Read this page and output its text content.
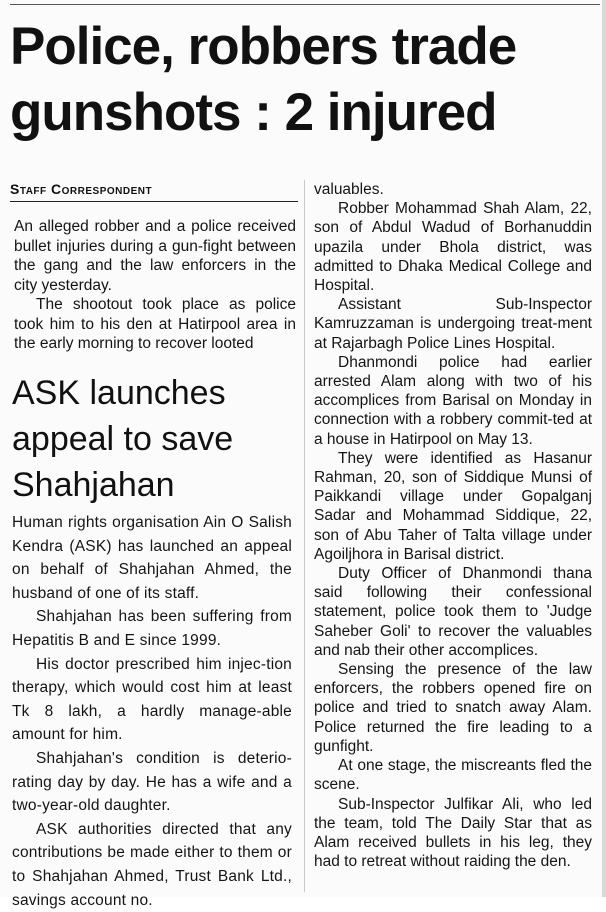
Police, robbers trade
gunshots : 2 injured
Staff Correspondent

An alleged robber and a police received bullet injuries during a gun-fight between the gang and the law enforcers in the city yesterday.

The shootout took place as police took him to his den at Hatirpool area in the early morning to recover looted

ASK launches
appeal to save
Shahjahan

Human rights organisation Ain O Salish Kendra (ASK) has launched an appeal on behalf of Shahjahan Ahmed, the husband of one of its staff.

Shahjahan has been suffering from Hepatitis B and E since 1999.

His doctor prescribed him injec-tion therapy, which would cost him at least Tk 8 lakh, a hardly manage-able amount for him.

Shahjahan's condition is deterio-rating day by day. He has a wife and a two-year-old daughter.

ASK authorities directed that any contributions be made either to them or to Shahjahan Ahmed, Trust Bank Ltd., savings account no.

valuables.

Robber Mohammad Shah Alam, 22, son of Abdul Wadud of Borhanuddin upazila under Bhola district, was admitted to Dhaka Medical College and Hospital.

Assistant Sub-Inspector Kamruzzaman is undergoing treat-ment at Rajarbagh Police Lines Hospital.

Dhanmondi police had earlier arrested Alam along with two of his accomplices from Barisal on Monday in connection with a robbery commit-ted at a house in Hatirpool on May 13.

They were identified as Hasanur Rahman, 20, son of Siddique Munsi of Paikkandi village under Gopalganj Sadar and Mohammad Siddique, 22, son of Abu Taher of Talta village under Agoiljhora in Barisal district.

Duty Officer of Dhanmondi thana said following their confessional statement, police took them to 'Judge Saheber Goli' to recover the valuables and nab their other accomplices.

Sensing the presence of the law enforcers, the robbers opened fire on police and tried to snatch away Alam. Police returned the fire leading to a gunfight.

At one stage, the miscreants fled the scene.

Sub-Inspector Julfikar Ali, who led the team, told The Daily Star that as Alam received bullets in his leg, they had to retreat without raiding the den.
